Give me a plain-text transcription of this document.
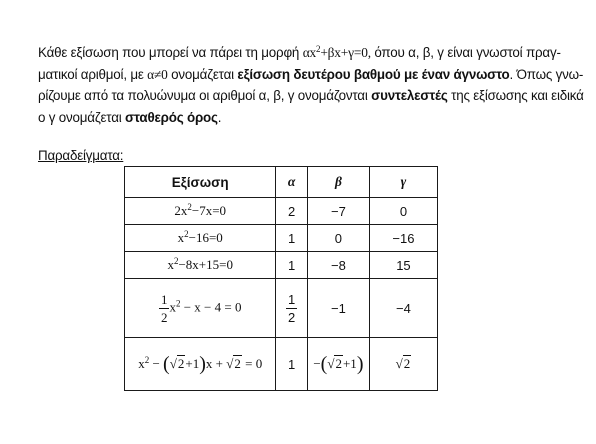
Κάθε εξίσωση που μπορεί να πάρει τη μορφή $\alpha x^2+\beta x+\gamma=0$, όπου α, β, γ είναι γνωστοί πραγ-
ματικοί αριθμοί, με α≠0 ονομάζεται εξίσωση δευτέρου βαθμού με έναν άγνωστο. Όπως γνω-
ρίζουμε από τα πολυώνυμα οι αριθμοί α, β, γ ονομάζονται συντελεστές της εξίσωσης και ειδικά
ο γ ονομάζεται σταθερός όρος.
Παραδείγματα:
Εξίσωση	α	β	γ
$2x^2-7x=0$	2	−7	0
$x^2-16=0$	1	0	−16
$x^2-8x+15=0$	1	−8	15

$\frac{1}{2} x^2 - x - 4 = 0$	$\frac{1}{2}$	−1	−4
$x^2 - (√2+1)x + √2 = 0$	1	−(√2+1)	√2
